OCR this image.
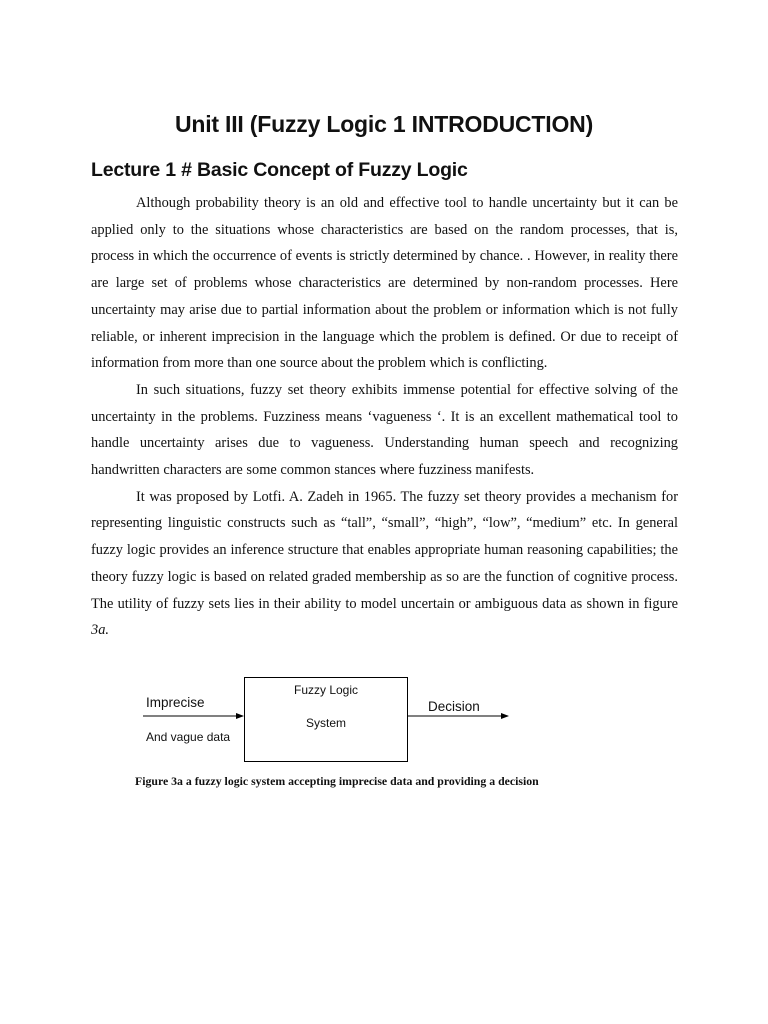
Unit III (Fuzzy Logic 1 INTRODUCTION)
Lecture 1 # Basic Concept of Fuzzy Logic

Although probability theory is an old and effective tool to handle uncertainty but it can be applied only to the situations whose characteristics are based on the random processes, that is, process in which the occurrence of events is strictly determined by chance. . However, in reality there are large set of problems whose characteristics are determined by non-random processes. Here uncertainty may arise due to partial information about the problem or information which is not fully reliable, or inherent imprecision in the language which the problem is defined. Or due to receipt of information from more than one source about the problem which is conflicting.

In such situations, fuzzy set theory exhibits immense potential for effective solving of the uncertainty in the problems. Fuzziness means ‘vagueness ‘. It is an excellent mathematical tool to handle uncertainty arises due to vagueness. Understanding human speech and recognizing handwritten characters are some common stances where fuzziness manifests.

It was proposed by Lotfi. A. Zadeh in 1965. The fuzzy set theory provides a mechanism for representing linguistic constructs such as “tall”, “small”, “high”, “low”, “medium” etc. In general fuzzy logic provides an inference structure that enables appropriate human reasoning capabilities; the theory fuzzy logic is based on related graded membership as so are the function of cognitive process. The utility of fuzzy sets lies in their ability to model uncertain or ambiguous data as shown in figure 3a.

Imprecise
And vague data
Fuzzy Logic
System
Decision
Figure 3a a fuzzy logic system accepting imprecise data and providing a decision
